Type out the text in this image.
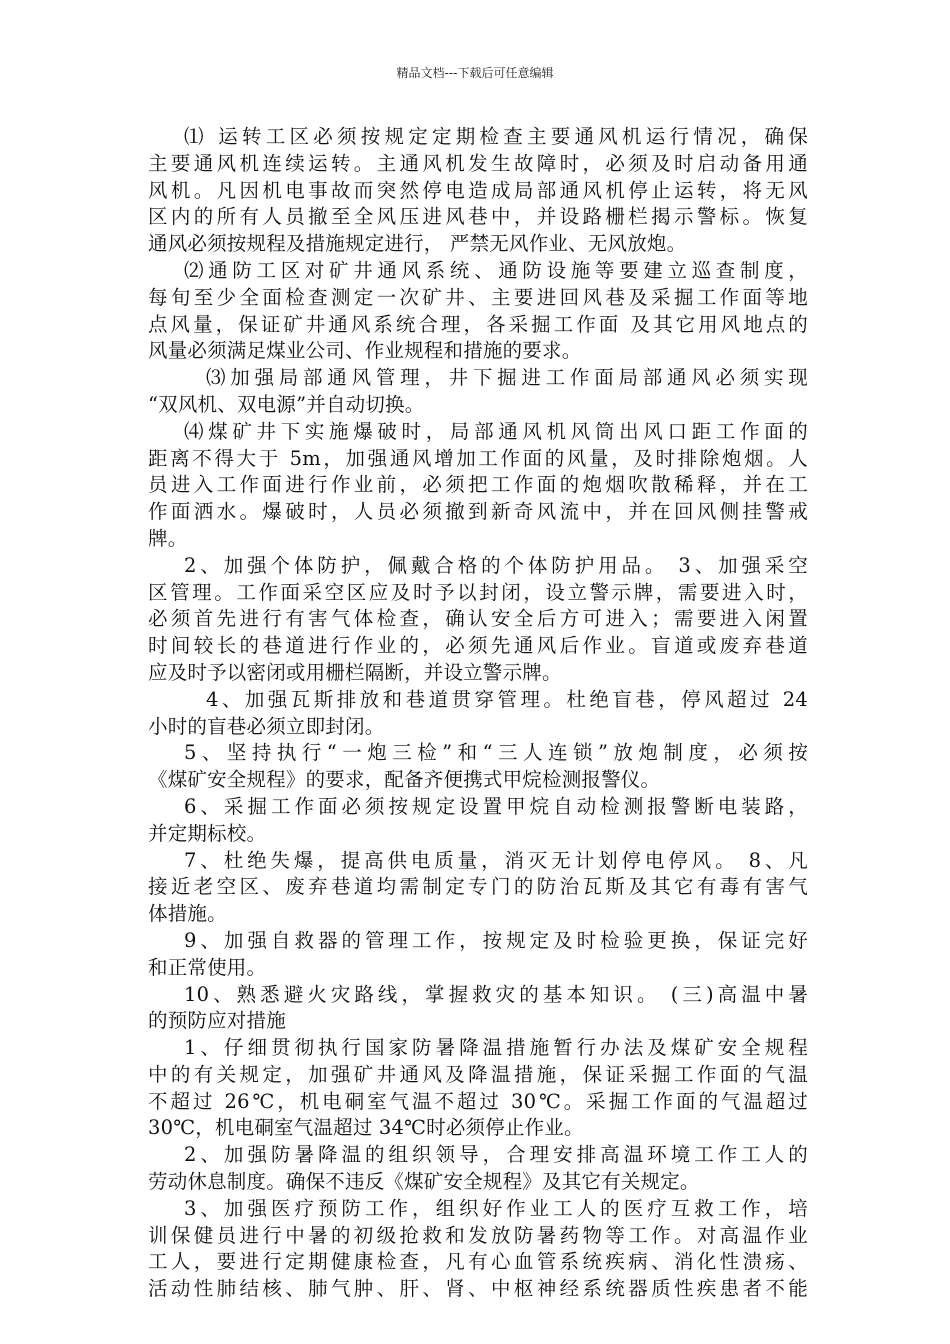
精品文档---下载后可任意编辑
⑴ 运转工区必须按规定定期检查主要通风机运行情况，确保
主要通风机连续运转。主通风机发生故障时，必须及时启动备用通
风机。凡因机电事故而突然停电造成局部通风机停止运转，将无风
区内的所有人员撤至全风压进风巷中，并设路栅栏揭示警标。恢复
通风必须按规程及措施规定进行， 严禁无风作业、无风放炮。
⑵通防工区对矿井通风系统、通防设施等要建立巡查制度，
每旬至少全面检查测定一次矿井、主要进回风巷及采掘工作面等地
点风量，保证矿井通风系统合理，各采掘工作面 及其它用风地点的
风量必须满足煤业公司、作业规程和措施的要求。
⑶加强局部通风管理，井下掘进工作面局部通风必须实现
“双风机、双电源”并自动切换。
⑷煤矿井下实施爆破时，局部通风机风筒出风口距工作面的
距离不得大于 5m，加强通风增加工作面的风量，及时排除炮烟。人
员进入工作面进行作业前，必须把工作面的炮烟吹散稀释，并在工
作面洒水。爆破时，人员必须撤到新奇风流中，并在回风侧挂警戒
牌。
2、加强个体防护，佩戴合格的个体防护用品。 3、加强采空
区管理。工作面采空区应及时予以封闭，设立警示牌，需要进入时，
必须首先进行有害气体检查，确认安全后方可进入；需要进入闲置
时间较长的巷道进行作业的，必须先通风后作业。盲道或废弃巷道
应及时予以密闭或用栅栏隔断，并设立警示牌。
4、加强瓦斯排放和巷道贯穿管理。杜绝盲巷，停风超过 24
小时的盲巷必须立即封闭。
5、坚持执行“一炮三检”和“三人连锁”放炮制度，必须按
《煤矿安全规程》的要求，配备齐便携式甲烷检测报警仪。
6、采掘工作面必须按规定设置甲烷自动检测报警断电装路，
并定期标校。
7、杜绝失爆，提高供电质量，消灭无计划停电停风。 8、凡
接近老空区、废弃巷道均需制定专门的防治瓦斯及其它有毒有害气
体措施。
9、加强自救器的管理工作，按规定及时检验更换，保证完好
和正常使用。
10、熟悉避火灾路线，掌握救灾的基本知识。 (三)高温中暑
的预防应对措施
1、仔细贯彻执行国家防暑降温措施暂行办法及煤矿安全规程
中的有关规定，加强矿井通风及降温措施，保证采掘工作面的气温
不超过 26℃，机电硐室气温不超过 30℃。采掘工作面的气温超过
30℃，机电硐室气温超过 34℃时必须停止作业。
2、加强防暑降温的组织领导，合理安排高温环境工作工人的
劳动休息制度。确保不违反《煤矿安全规程》及其它有关规定。
3、加强医疗预防工作，组织好作业工人的医疗互救工作，培
训保健员进行中暑的初级抢救和发放防暑药物等工作。对高温作业
工人，要进行定期健康检查，凡有心血管系统疾病、消化性溃疡、
活动性肺结核、肺气肿、肝、肾、中枢神经系统器质性疾患者不能
